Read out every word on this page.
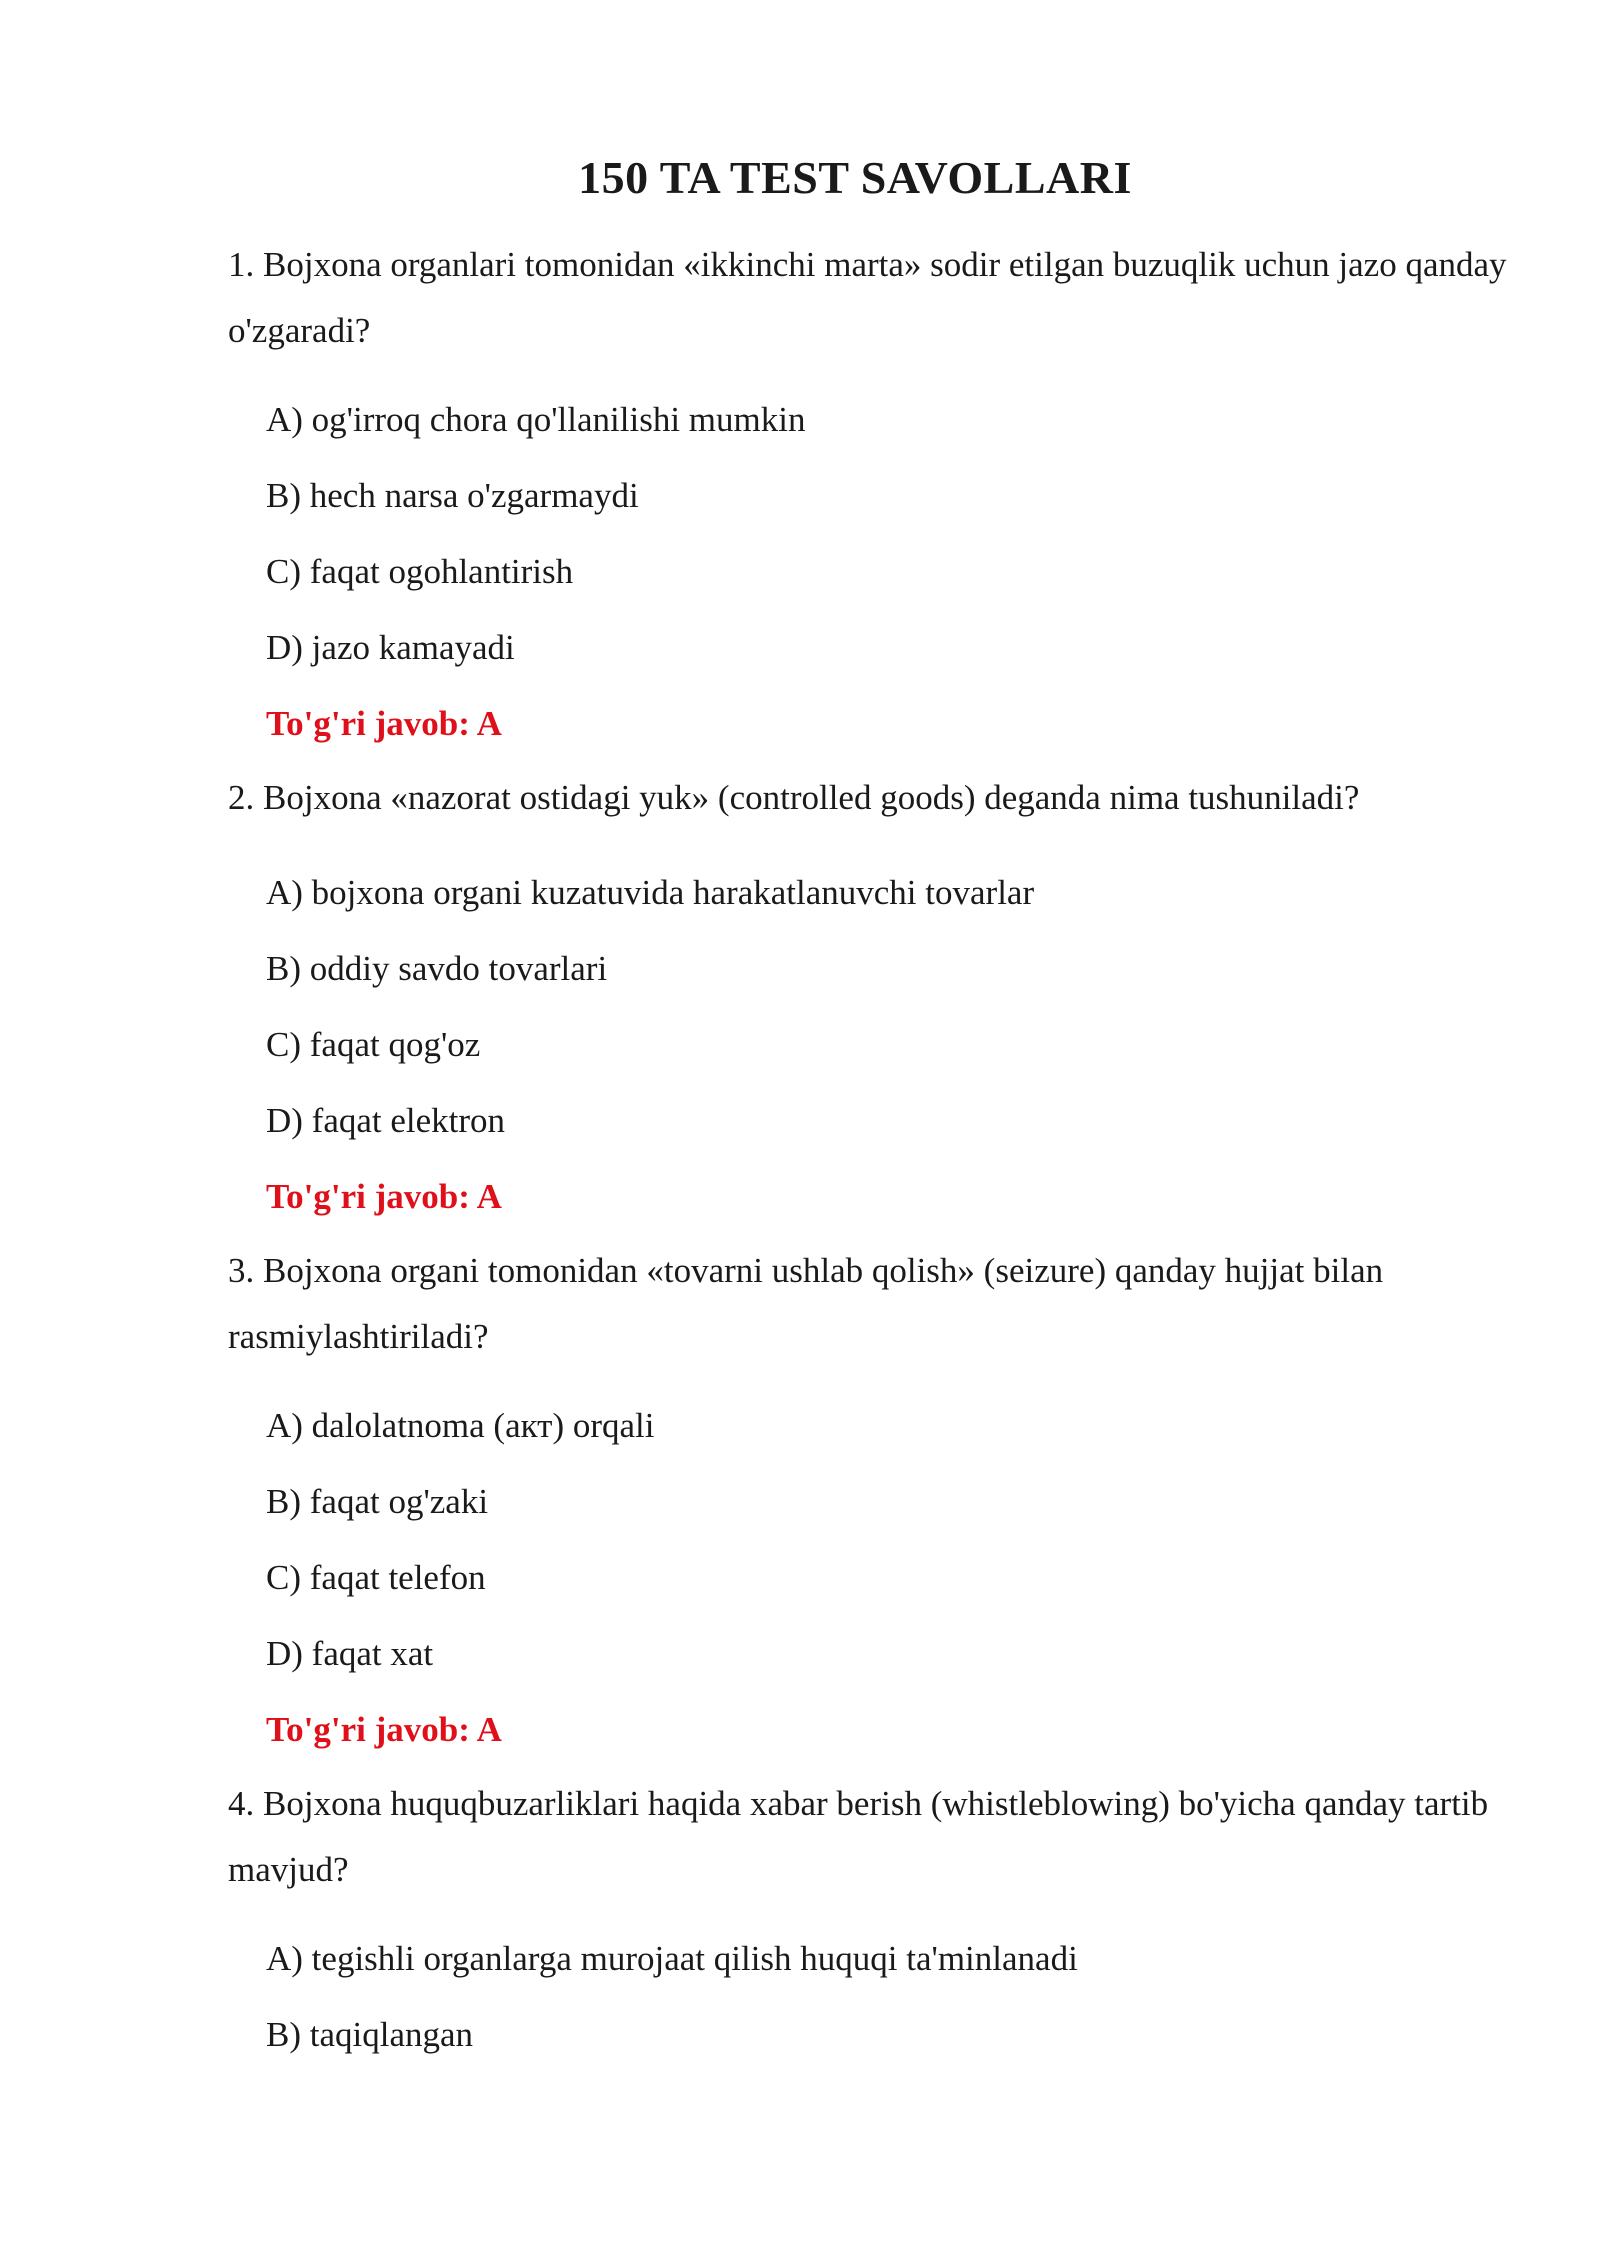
150 TA TEST SAVOLLARI
1. Bojxona organlari tomonidan «ikkinchi marta» sodir etilgan buzuqlik uchun jazo qanday o'zgaradi?
A) og'irroq chora qo'llanilishi mumkin
B) hech narsa o'zgarmaydi
C) faqat ogohlantirish
D) jazo kamayadi
To'g'ri javob: A
2. Bojxona «nazorat ostidagi yuk» (controlled goods) deganda nima tushuniladi?
A) bojxona organi kuzatuvida harakatlanuvchi tovarlar
B) oddiy savdo tovarlari
C) faqat qog'oz
D) faqat elektron
To'g'ri javob: A
3. Bojxona organi tomonidan «tovarni ushlab qolish» (seizure) qanday hujjat bilan rasmiylashtiriladi?
A) dalolatnoma (акт) orqali
B) faqat og'zaki
C) faqat telefon
D) faqat xat
To'g'ri javob: A
4. Bojxona huquqbuzarliklari haqida xabar berish (whistleblowing) bo'yicha qanday tartib mavjud?
A) tegishli organlarga murojaat qilish huquqi ta'minlanadi
B) taqiqlangan
